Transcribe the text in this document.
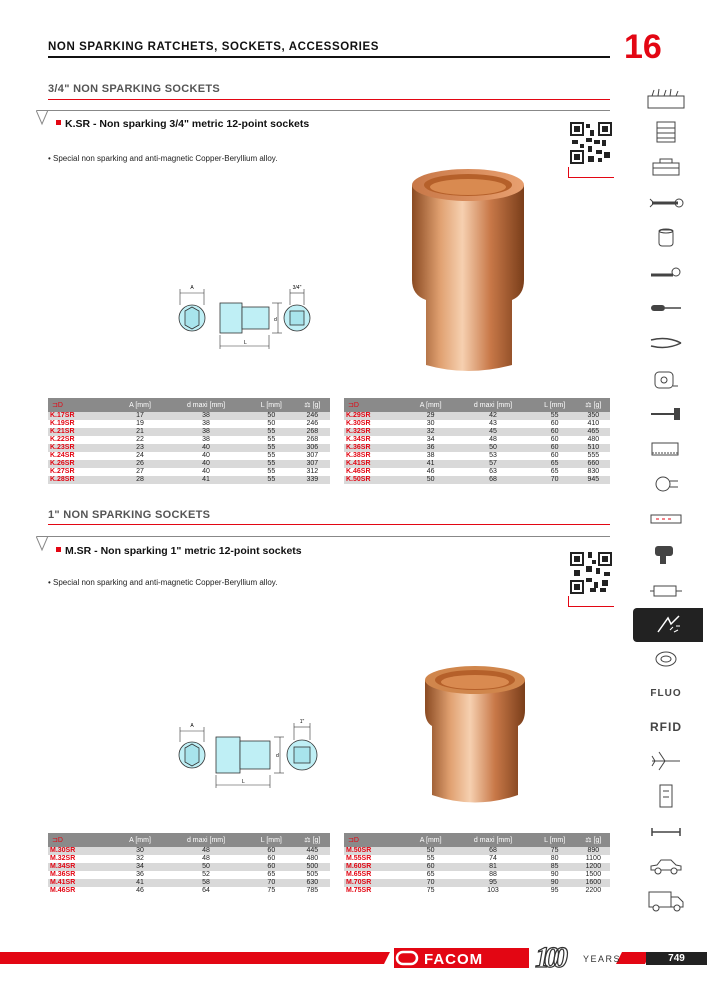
NON SPARKING RATCHETS, SOCKETS, ACCESSORIES	16
3/4" NON SPARKING SOCKETS
K.SR - Non sparking 3/4" metric 12-point sockets
• Special non sparking and anti-magnetic Copper-Beryllium alloy.
A	3/4"
d
L
⊐D	A [mm]	d maxi [mm]	L [mm]	⚖ [g]
K.17SR	17	38	50	246
K.19SR	19	38	50	246
K.21SR	21	38	55	268
K.22SR	22	38	55	268
K.23SR	23	40	55	306
K.24SR	24	40	55	307
K.26SR	26	40	55	307
K.27SR	27	40	55	312
K.28SR	28	41	55	339
⊐D	A [mm]	d maxi [mm]	L [mm]	⚖ [g]
K.29SR	29	42	55	350
K.30SR	30	43	60	410
K.32SR	32	45	60	465
K.34SR	34	48	60	480
K.36SR	36	50	60	510
K.38SR	38	53	60	555
K.41SR	41	57	65	660
K.46SR	46	63	65	830
K.50SR	50	68	70	945
1" NON SPARKING SOCKETS
M.SR - Non sparking 1" metric 12-point sockets
• Special non sparking and anti-magnetic Copper-Beryllium alloy.
A
1"
d
L
⊐D	A [mm]	d maxi [mm]	L [mm]	⚖ [g]
M.30SR	30	48	60	445
M.32SR	32	48	60	480
M.34SR	34	50	60	500
M.36SR	36	52	65	505
M.41SR	41	58	70	630
M.46SR	46	64	75	785
⊐D	A [mm]	d maxi [mm]	L [mm]	⚖ [g]
M.50SR	50	68	75	890
M.55SR	55	74	80	1100
M.60SR	60	81	85	1200
M.65SR	65	88	90	1500
M.70SR	70	95	90	1600
M.75SR	75	103	95	2200
FLUO
RFID
FACOM 100 YEARS	749
